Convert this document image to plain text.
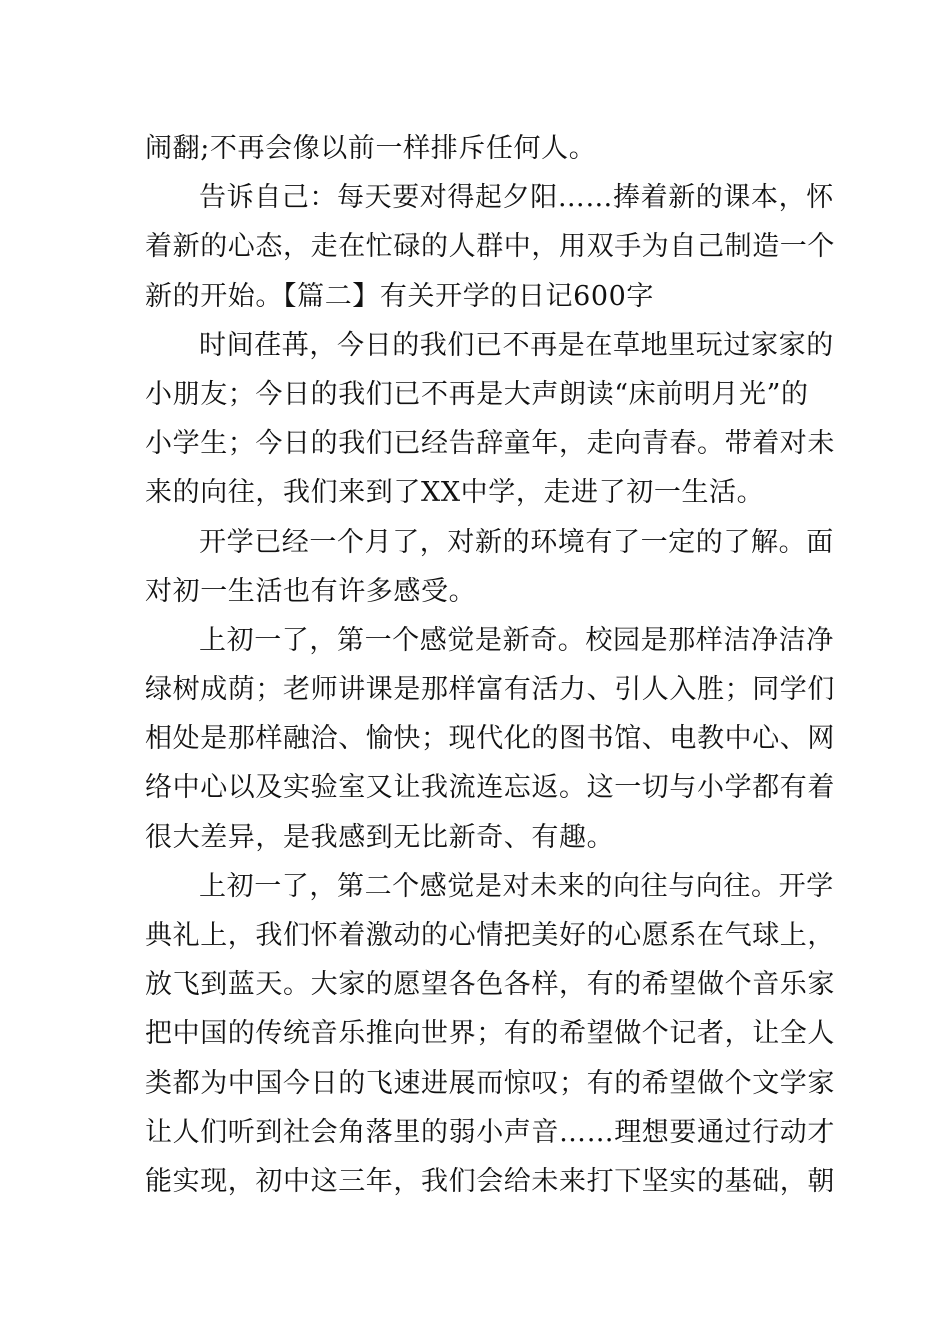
闹翻;不再会像以前一样排斥任何人。
告诉自己：每天要对得起夕阳……捧着新的课本，怀
着新的心态，走在忙碌的人群中，用双手为自己制造一个
新的开始。【篇二】有关开学的日记600字
时间荏苒，今日的我们已不再是在草地里玩过家家的
小朋友；今日的我们已不再是大声朗读“床前明月光”的
小学生；今日的我们已经告辞童年，走向青春。带着对未
来的向往，我们来到了XX中学，走进了初一生活。
开学已经一个月了，对新的环境有了一定的了解。面
对初一生活也有许多感受。
上初一了，第一个感觉是新奇。校园是那样洁净洁净
绿树成荫；老师讲课是那样富有活力、引人入胜；同学们
相处是那样融洽、愉快；现代化的图书馆、电教中心、网
络中心以及实验室又让我流连忘返。这一切与小学都有着
很大差异，是我感到无比新奇、有趣。
上初一了，第二个感觉是对未来的向往与向往。开学
典礼上，我们怀着激动的心情把美好的心愿系在气球上，
放飞到蓝天。大家的愿望各色各样，有的希望做个音乐家
把中国的传统音乐推向世界；有的希望做个记者，让全人
类都为中国今日的飞速进展而惊叹；有的希望做个文学家
让人们听到社会角落里的弱小声音……理想要通过行动才
能实现，初中这三年，我们会给未来打下坚实的基础，朝
